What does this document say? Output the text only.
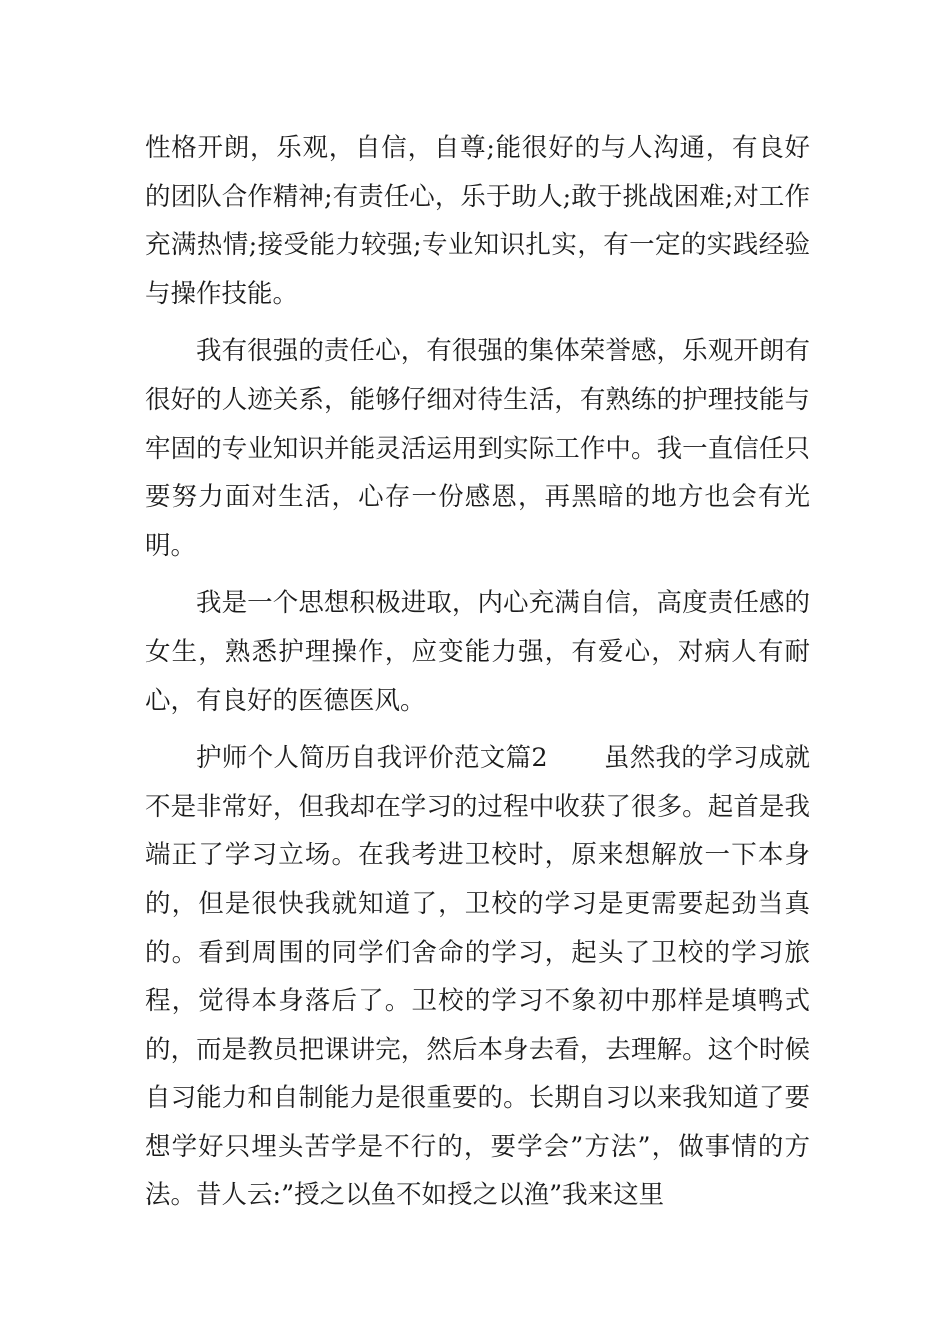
性格开朗，乐观，自信，自尊;能很好的与人沟通，有良好的团队合作精神;有责任心，乐于助人;敢于挑战困难;对工作充满热情;接受能力较强;专业知识扎实，有一定的实践经验与操作技能。

我有很强的责任心，有很强的集体荣誉感，乐观开朗有很好的人迹关系，能够仔细对待生活，有熟练的护理技能与牢固的专业知识并能灵活运用到实际工作中。我一直信任只要努力面对生活，心存一份感恩，再黑暗的地方也会有光明。

我是一个思想积极进取，内心充满自信，高度责任感的女生，熟悉护理操作，应变能力强，有爱心，对病人有耐心，有良好的医德医风。

护师个人简历自我评价范文篇2 虽然我的学习成就不是非常好，但我却在学习的过程中收获了很多。起首是我端正了学习立场。在我考进卫校时，原来想解放一下本身的，但是很快我就知道了，卫校的学习是更需要起劲当真的。看到周围的同学们舍命的学习，起头了卫校的学习旅程，觉得本身落后了。卫校的学习不象初中那样是填鸭式的，而是教员把课讲完，然后本身去看，去理解。这个时候自习能力和自制能力是很重要的。长期自习以来我知道了要想学好只埋头苦学是不行的，要学会”方法”，做事情的方法。昔人云:”授之以鱼不如授之以渔”我来这里
